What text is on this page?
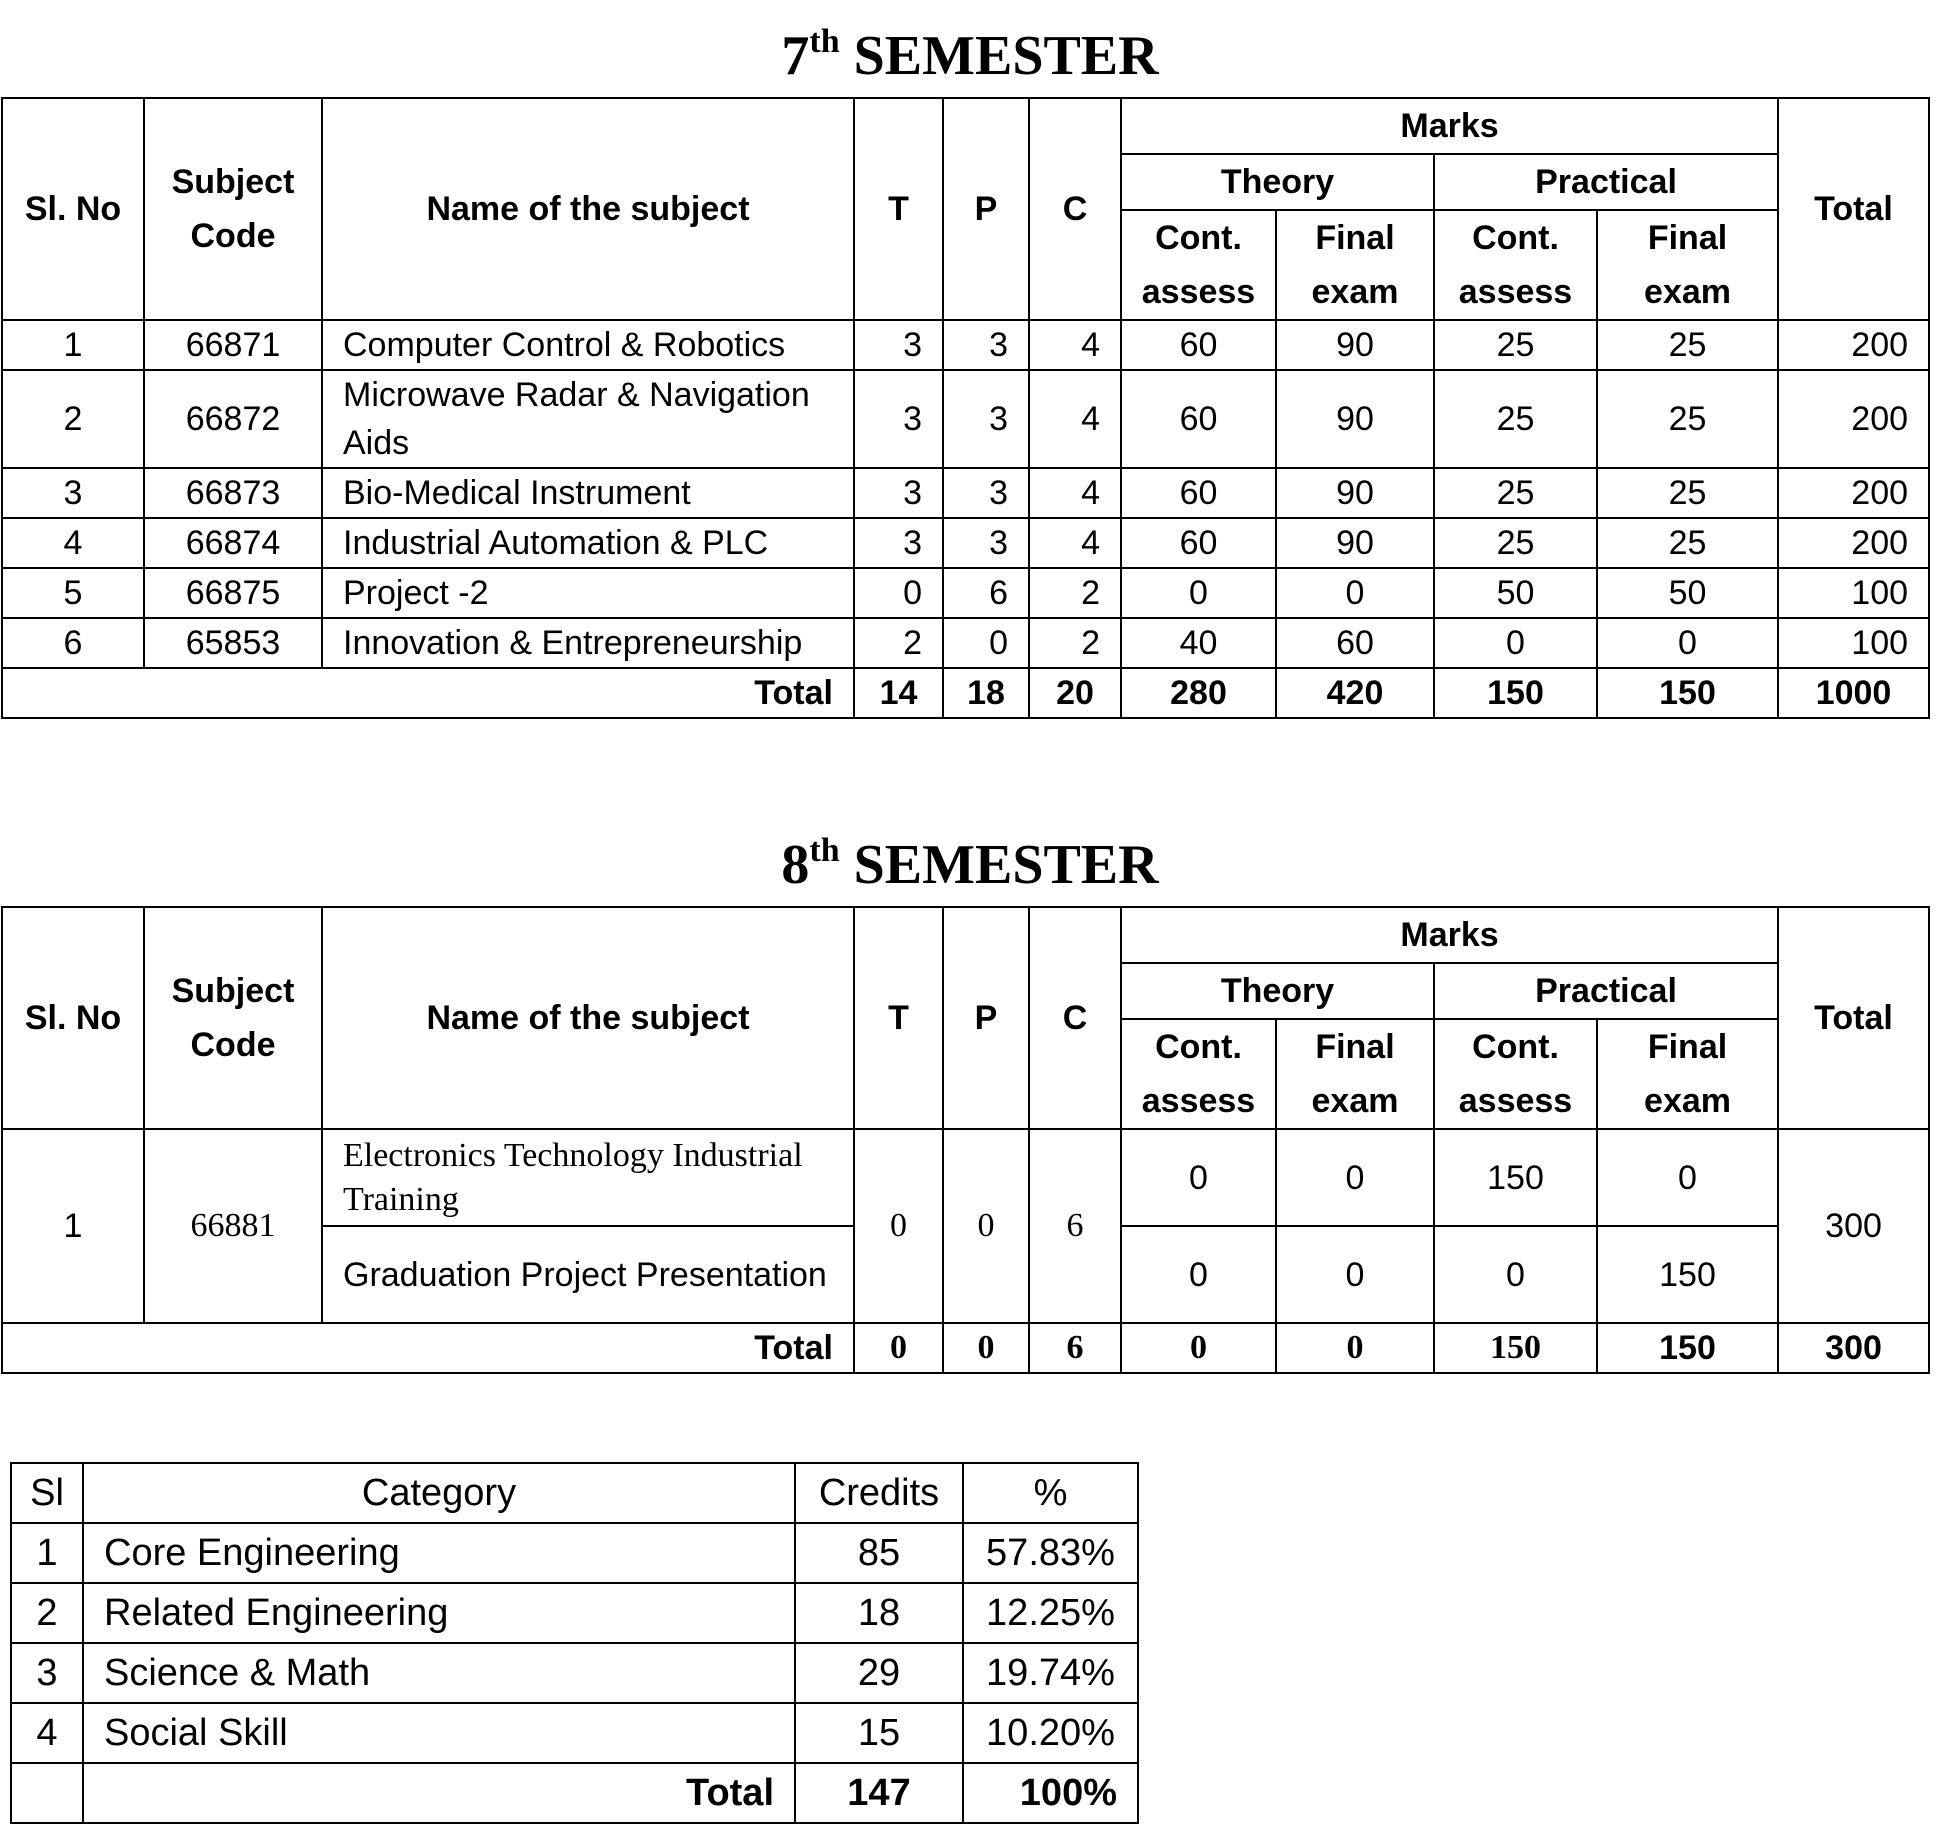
7th SEMESTER
Sl. No	Subject Code	Name of the subject	T	P	C	Marks				Total
						Theory		Practical		
						Cont. assess	Final exam	Cont. assess	Final exam	
1	66871	Computer Control & Robotics	3	3	4	60	90	25	25	200
2	66872	Microwave Radar & Navigation Aids	3	3	4	60	90	25	25	200
3	66873	Bio-Medical Instrument	3	3	4	60	90	25	25	200
4	66874	Industrial Automation & PLC	3	3	4	60	90	25	25	200
5	66875	Project -2	0	6	2	0	0	50	50	100
6	65853	Innovation & Entrepreneurship	2	0	2	40	60	0	0	100
Total			14	18	20	280	420	150	150	1000
8th SEMESTER
Sl. No	Subject Code	Name of the subject	T	P	C	Marks				Total
						Theory		Practical		
						Cont. assess	Final exam	Cont. assess	Final exam	
1	66881	Electronics Technology Industrial Training	0	0	6	0	0	150	0	300
		Graduation Project Presentation				0	0	0	150	
Total			0	0	6	0	0	150	150	300
Sl	Category	Credits	%
1	Core Engineering	85	57.83%
2	Related Engineering	18	12.25%
3	Science & Math	29	19.74%
4	Social Skill	15	10.20%
	Total	147	100%
